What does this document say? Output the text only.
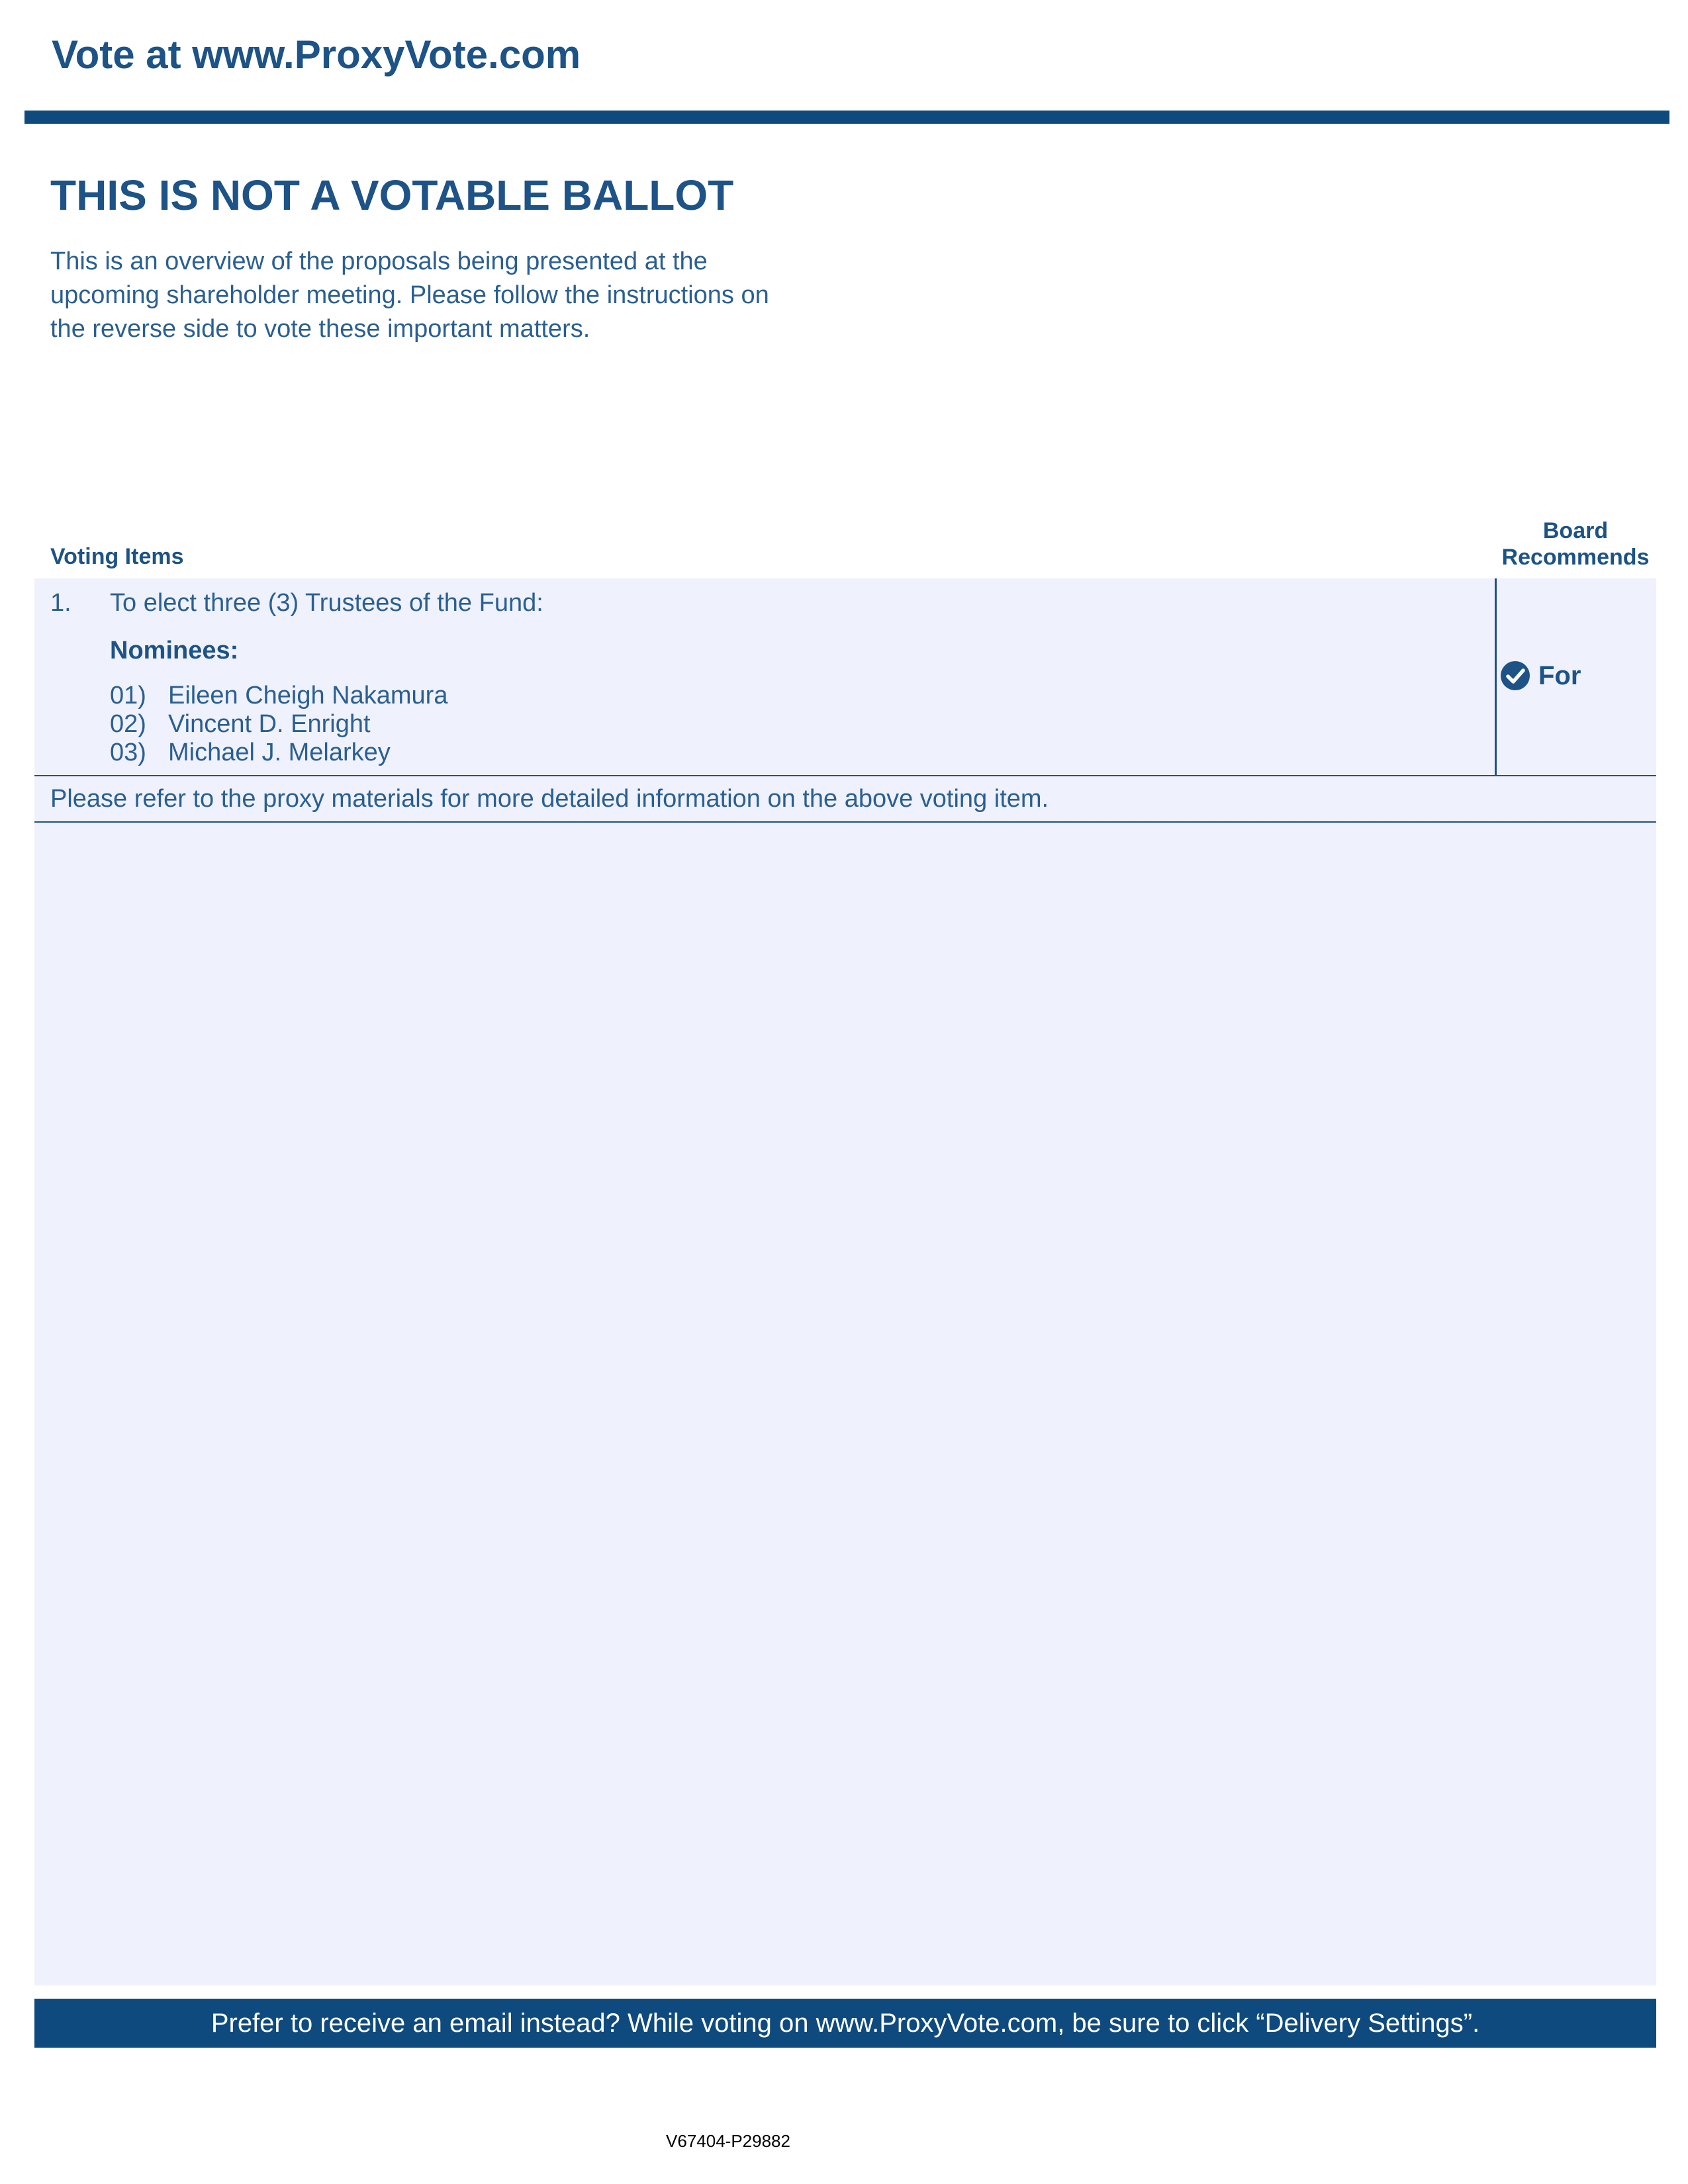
Vote at www.ProxyVote.com
THIS IS NOT A VOTABLE BALLOT
This is an overview of the proposals being presented at the
upcoming shareholder meeting. Please follow the instructions on
the reverse side to vote these important matters.
Voting Items
Board
Recommends
1. To elect three (3) Trustees of the Fund:
Nominees:
01) Eileen Cheigh Nakamura
02) Vincent D. Enright
03) Michael J. Melarkey
For
Please refer to the proxy materials for more detailed information on the above voting item.
Prefer to receive an email instead? While voting on www.ProxyVote.com, be sure to click “Delivery Settings”.
V67404-P29882
